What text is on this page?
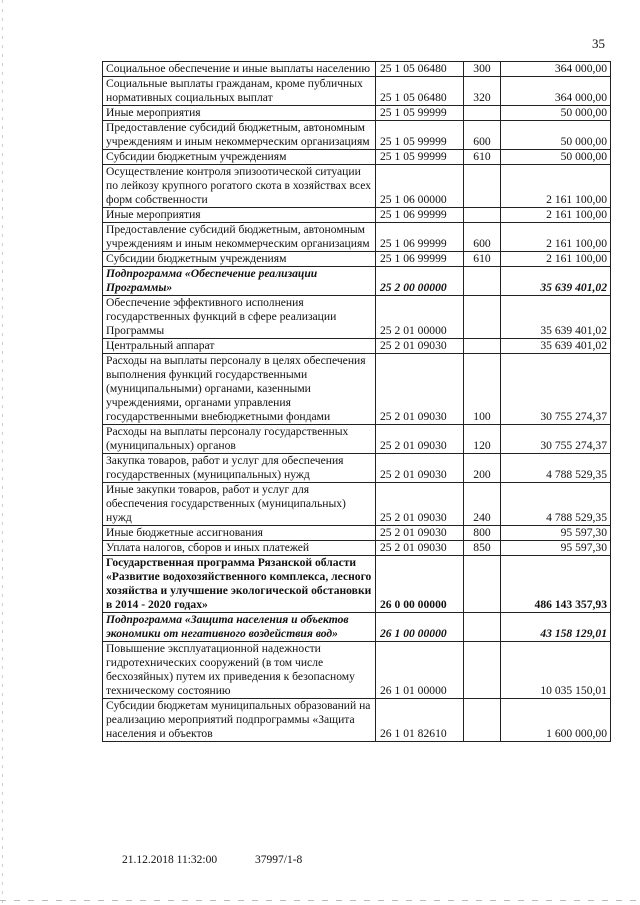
35
Социальное обеспечение и иные выплаты населению	25 1 05 06480	300	364 000,00
Социальные выплаты гражданам, кроме публичных нормативных социальных выплат	25 1 05 06480	320	364 000,00
Иные мероприятия	25 1 05 99999		50 000,00
Предоставление субсидий бюджетным, автономным учреждениям и иным некоммерческим организациям	25 1 05 99999	600	50 000,00
Субсидии бюджетным учреждениям	25 1 05 99999	610	50 000,00
Осуществление контроля эпизоотической ситуации по лейкозу крупного рогатого скота в хозяйствах всех форм собственности	25 1 06 00000		2 161 100,00
Иные мероприятия	25 1 06 99999		2 161 100,00
Предоставление субсидий бюджетным, автономным учреждениям и иным некоммерческим организациям	25 1 06 99999	600	2 161 100,00
Субсидии бюджетным учреждениям	25 1 06 99999	610	2 161 100,00
Подпрограмма «Обеспечение реализации Программы»	25 2 00 00000		35 639 401,02
Обеспечение эффективного исполнения государственных функций в сфере реализации Программы	25 2 01 00000		35 639 401,02
Центральный аппарат	25 2 01 09030		35 639 401,02
Расходы на выплаты персоналу в целях обеспечения выполнения функций государственными (муниципальными) органами, казенными учреждениями, органами управления государственными внебюджетными фондами	25 2 01 09030	100	30 755 274,37
Расходы на выплаты персоналу государственных (муниципальных) органов	25 2 01 09030	120	30 755 274,37
Закупка товаров, работ и услуг для обеспечения государственных (муниципальных) нужд	25 2 01 09030	200	4 788 529,35
Иные закупки товаров, работ и услуг для обеспечения государственных (муниципальных) нужд	25 2 01 09030	240	4 788 529,35
Иные бюджетные ассигнования	25 2 01 09030	800	95 597,30
Уплата налогов, сборов и иных платежей	25 2 01 09030	850	95 597,30
Государственная программа Рязанской области «Развитие водохозяйственного комплекса, лесного хозяйства и улучшение экологической обстановки в 2014 - 2020 годах»	26 0 00 00000		486 143 357,93
Подпрограмма «Защита населения и объектов экономики от негативного воздействия вод»	26 1 00 00000		43 158 129,01
Повышение эксплуатационной надежности гидротехнических сооружений (в том числе бесхозяйных) путем их приведения к безопасному техническому состоянию	26 1 01 00000		10 035 150,01
Субсидии бюджетам муниципальных образований на реализацию мероприятий подпрограммы «Защита населения и объектов	26 1 01 82610		1 600 000,00
21.12.2018 11:32:00	37997/1-8
